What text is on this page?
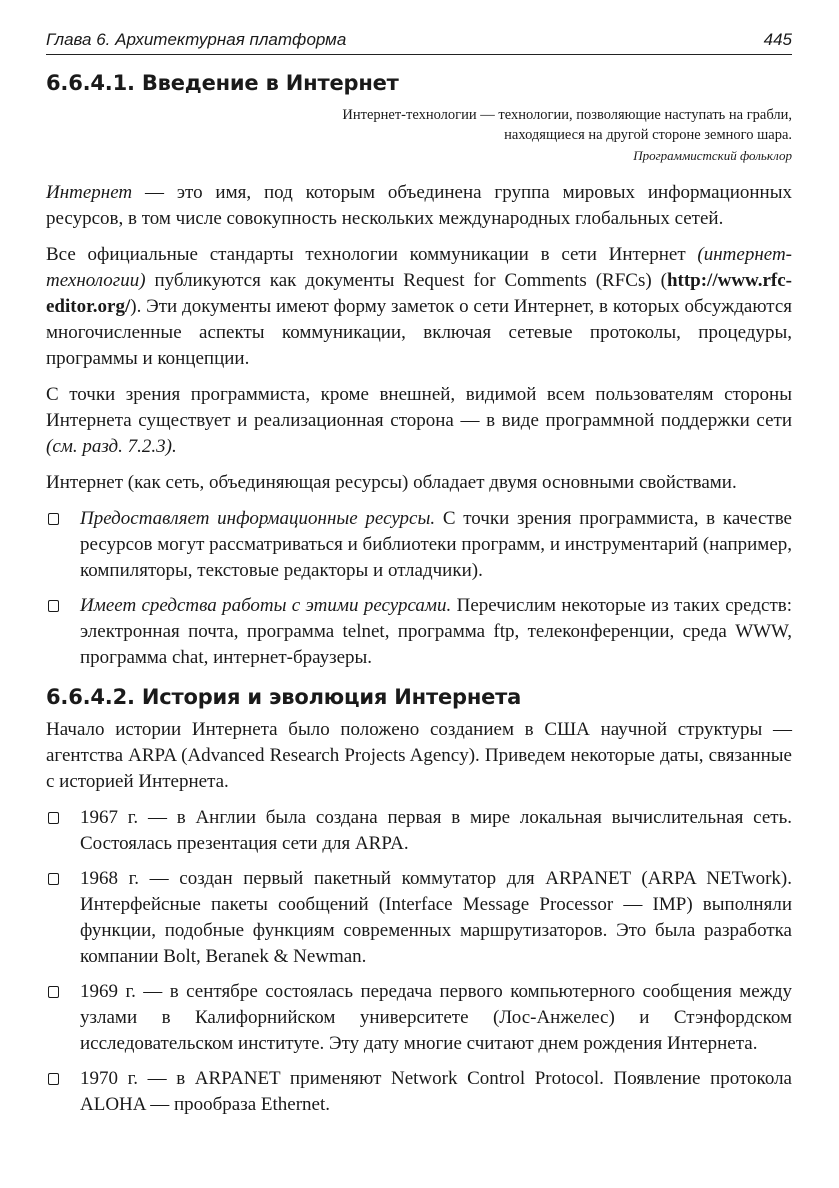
Глава 6. Архитектурная платформа	445
6.6.4.1. Введение в Интернет
Интернет-технологии — технологии, позволяющие наступать на грабли,
находящиеся на другой стороне земного шара.
Программистский фольклор

Интернет — это имя, под которым объединена группа мировых информационных ресурсов, в том числе совокупность нескольких международных глобальных сетей.

Все официальные стандарты технологии коммуникации в сети Интернет (интернет-технологии) публикуются как документы Request for Comments (RFCs) (http://www.rfc-editor.org/). Эти документы имеют форму заметок о сети Интернет, в которых обсуждаются многочисленные аспекты коммуникации, включая сетевые протоколы, процедуры, программы и концепции.

С точки зрения программиста, кроме внешней, видимой всем пользователям стороны Интернета существует и реализационная сторона — в виде программной поддержки сети (см. разд. 7.2.3).

Интернет (как сеть, объединяющая ресурсы) обладает двумя основными свойствами.

Предоставляет информационные ресурсы. С точки зрения программиста, в качестве ресурсов могут рассматриваться и библиотеки программ, и инструментарий (например, компиляторы, текстовые редакторы и отладчики).
Имеет средства работы с этими ресурсами. Перечислим некоторые из таких средств: электронная почта, программа telnet, программа ftp, телеконференции, среда WWW, программа chat, интернет-браузеры.
6.6.4.2. История и эволюция Интернета

Начало истории Интернета было положено созданием в США научной структуры — агентства ARPA (Advanced Research Projects Agency). Приведем некоторые даты, связанные с историей Интернета.

1967 г. — в Англии была создана первая в мире локальная вычислительная сеть. Состоялась презентация сети для ARPA.
1968 г. — создан первый пакетный коммутатор для ARPANET (ARPA NETwork). Интерфейсные пакеты сообщений (Interface Message Processor — IMP) выполняли функции, подобные функциям современных маршрутизаторов. Это была разработка компании Bolt, Beranek & Newman.
1969 г. — в сентябре состоялась передача первого компьютерного сообщения между узлами в Калифорнийском университете (Лос-Анжелес) и Стэнфордском исследовательском институте. Эту дату многие считают днем рождения Интернета.
1970 г. — в ARPANET применяют Network Control Protocol. Появление протокола ALOHA — прообраза Ethernet.
